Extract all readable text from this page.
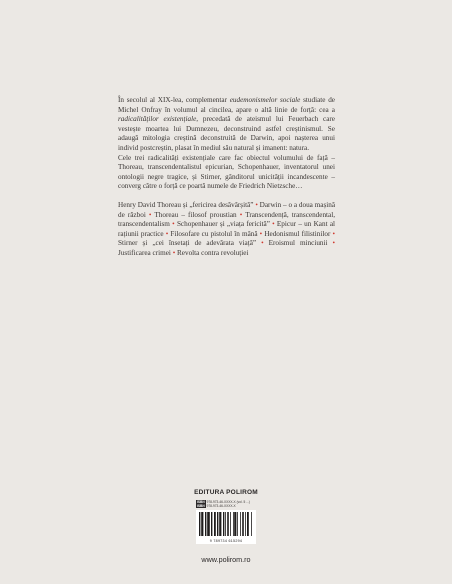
În secolul al XIX-lea, complementar eudemonismelor sociale studiate de Michel Onfray în volumul al cincilea, apare o altă linie de forță: cea a radicalităților existențiale, precedată de ateismul lui Feuerbach care vestește moartea lui Dumnezeu, deconstruind astfel creștinismul. Se adaugă mitologia creștină deconstruită de Darwin, apoi nașterea unui individ postcreștin, plasat în mediul său natural și imanent: natura.

Cele trei radicalități existențiale care fac obiectul volumului de față – Thoreau, transcendentalistul epicurian, Schopenhauer, inventatorul unei ontologii negre tragice, și Stirner, gânditorul unicității incandescente – converg către o forță ce poartă numele de Friedrich Nietzsche…

Henry David Thoreau și „fericirea desăvârșită” • Darwin – o a doua mașină de război • Thoreau – filosof proustian • Transcendență, transcendental, transcendentalism • Schopenhauer și „viața fericită” • Epicur – un Kant al rațiunii practice • Filosofare cu pistolul în mână • Hedonismul filistinilor • Stirner și „cei însetați de adevărata viață” • Eroismul minciunii • Justificarea crimei • Revolta contra revoluției

EDITURA POLIROM
ISBN 978-973-46-XXXX-X (vol. 5 ...)
ISBN 978-973-46-XXXX-X
9 789734 615294
www.polirom.ro
